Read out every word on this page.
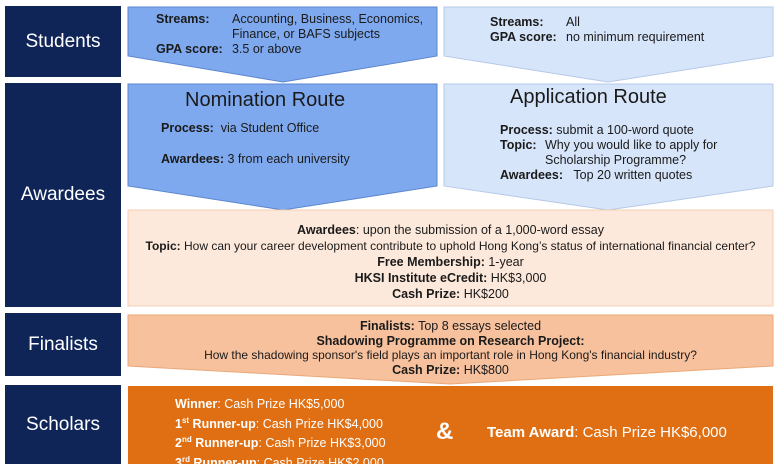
Students
Awardees
Finalists
Scholars
Streams:	Accounting, Business, Economics,
Finance, or BAFS subjects
GPA score: 3.5 or above
Streams:	All
GPA score: no minimum requirement
Nomination Route
Process: via Student Office
Awardees: 3 from each university
Application Route
Process: submit a 100-word quote
Topic: Why you would like to apply for
Scholarship Programme?
Awardees: Top 20 written quotes
Awardees: upon the submission of a 1,000-word essay
Topic: How can your career development contribute to uphold Hong Kong’s status of international financial center?
Free Membership: 1-year
HKSI Institute eCredit: HK$3,000
Cash Prize: HK$200
Finalists: Top 8 essays selected
Shadowing Programme on Research Project:
How the shadowing sponsor's field plays an important role in Hong Kong's financial industry?
Cash Prize: HK$800
Winner: Cash Prize HK$5,000
1st Runner-up: Cash Prize HK$4,000
2nd Runner-up: Cash Prize HK$3,000
3rd Runner-up: Cash Prize HK$2,000
& Team Award: Cash Prize HK$6,000
